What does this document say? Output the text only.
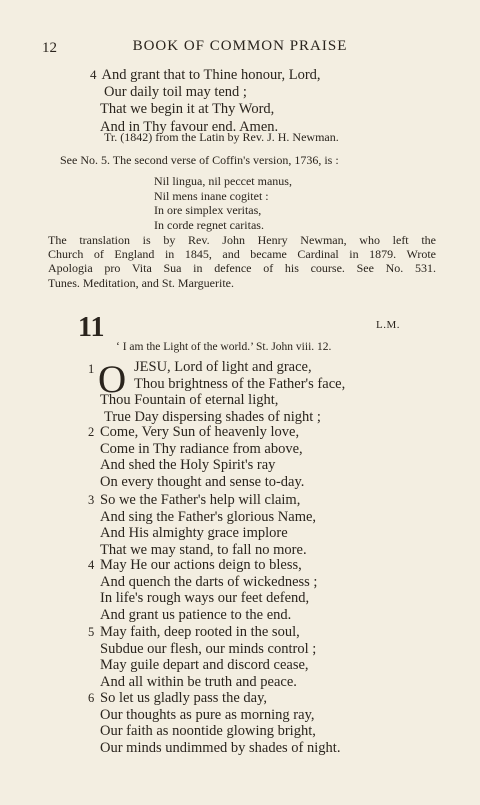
12	BOOK OF COMMON PRAISE
4 And grant that to Thine honour, Lord,
Our daily toil may tend ;
That we begin it at Thy Word,
And in Thy favour end. Amen.
Tr. (1842) from the Latin by Rev. J. H. Newman.
See No. 5. The second verse of Coffin's version, 1736, is :
Nil lingua, nil peccet manus,
Nil mens inane cogitet :
In ore simplex veritas,
In corde regnet caritas.
The translation is by Rev. John Henry Newman, who left the
Church of England in 1845, and became Cardinal in 1879. Wrote
Apologia pro Vita Sua in defence of his course. See No. 531.
Tunes. Meditation, and St. Marguerite.
11	L.M.
‘ I am the Light of the world.’ St. John viii. 12.
1 O JESU, Lord of light and grace,
Thou brightness of the Father's face,
Thou Fountain of eternal light,
True Day dispersing shades of night ;
2 Come, Very Sun of heavenly love,
Come in Thy radiance from above,
And shed the Holy Spirit's ray
On every thought and sense to-day.
3 So we the Father's help will claim,
And sing the Father's glorious Name,
And His almighty grace implore
That we may stand, to fall no more.
4 May He our actions deign to bless,
And quench the darts of wickedness ;
In life's rough ways our feet defend,
And grant us patience to the end.
5 May faith, deep rooted in the soul,
Subdue our flesh, our minds control ;
May guile depart and discord cease,
And all within be truth and peace.
6 So let us gladly pass the day,
Our thoughts as pure as morning ray,
Our faith as noontide glowing bright,
Our minds undimmed by shades of night.
